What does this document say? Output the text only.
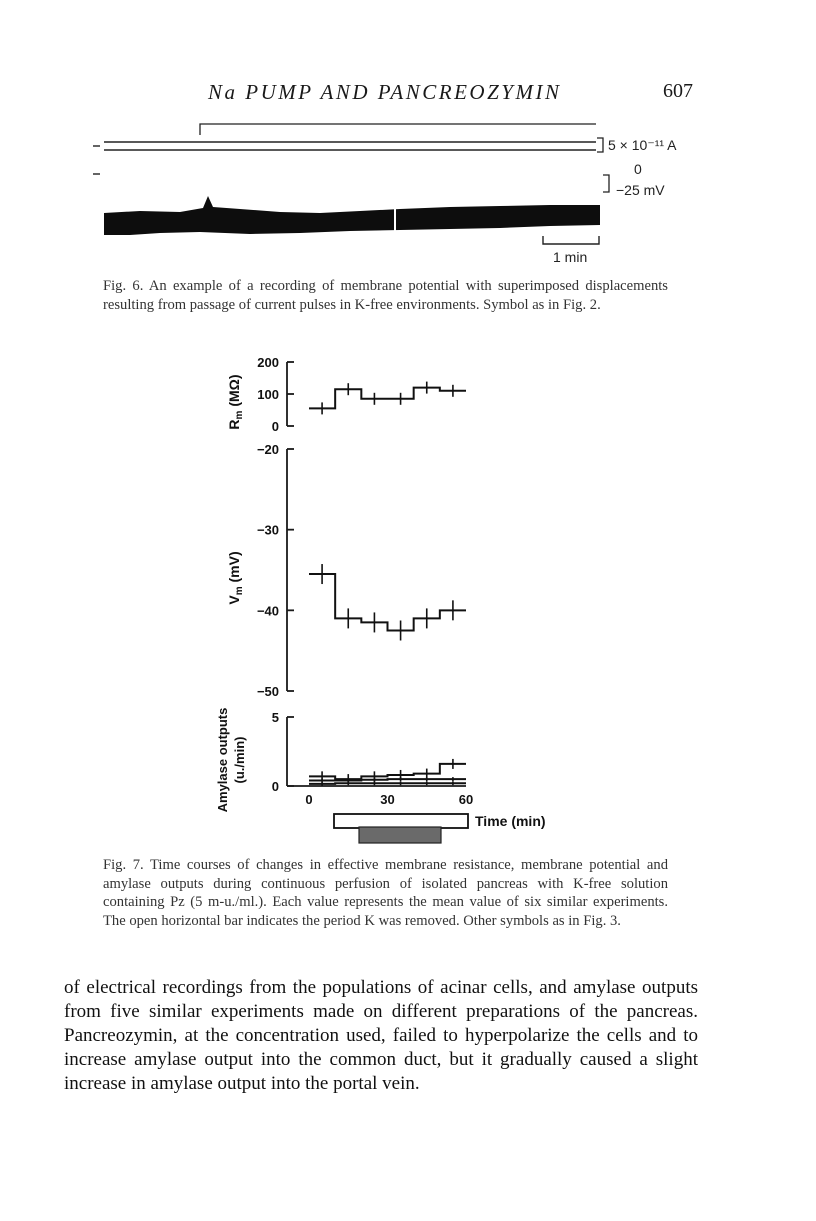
Na PUMP AND PANCREOZYMIN	607
5 × 10⁻¹¹ A
0
−25 mV
1 min
Fig. 6. An example of a recording of membrane potential with superimposed displacements resulting from passage of current pulses in K-free environments. Symbol as in Fig. 2.
200
100
0
−20
−30
−40
−50
5
0
0	30	60
$R_m$ (MΩ)
$V_m$ (mV)
Amylase outputs (u./min)
Time (min)
Fig. 7. Time courses of changes in effective membrane resistance, membrane potential and amylase outputs during continuous perfusion of isolated pancreas with K-free solution containing Pz (5 m-u./ml.). Each value represents the mean value of six similar experiments. The open horizontal bar indicates the period K was removed. Other symbols as in Fig. 3.
of electrical recordings from the populations of acinar cells, and amylase outputs from five similar experiments made on different preparations of the pancreas. Pancreozymin, at the concentration used, failed to hyperpolarize the cells and to increase amylase output into the common duct, but it gradually caused a slight increase in amylase output into the portal vein.
